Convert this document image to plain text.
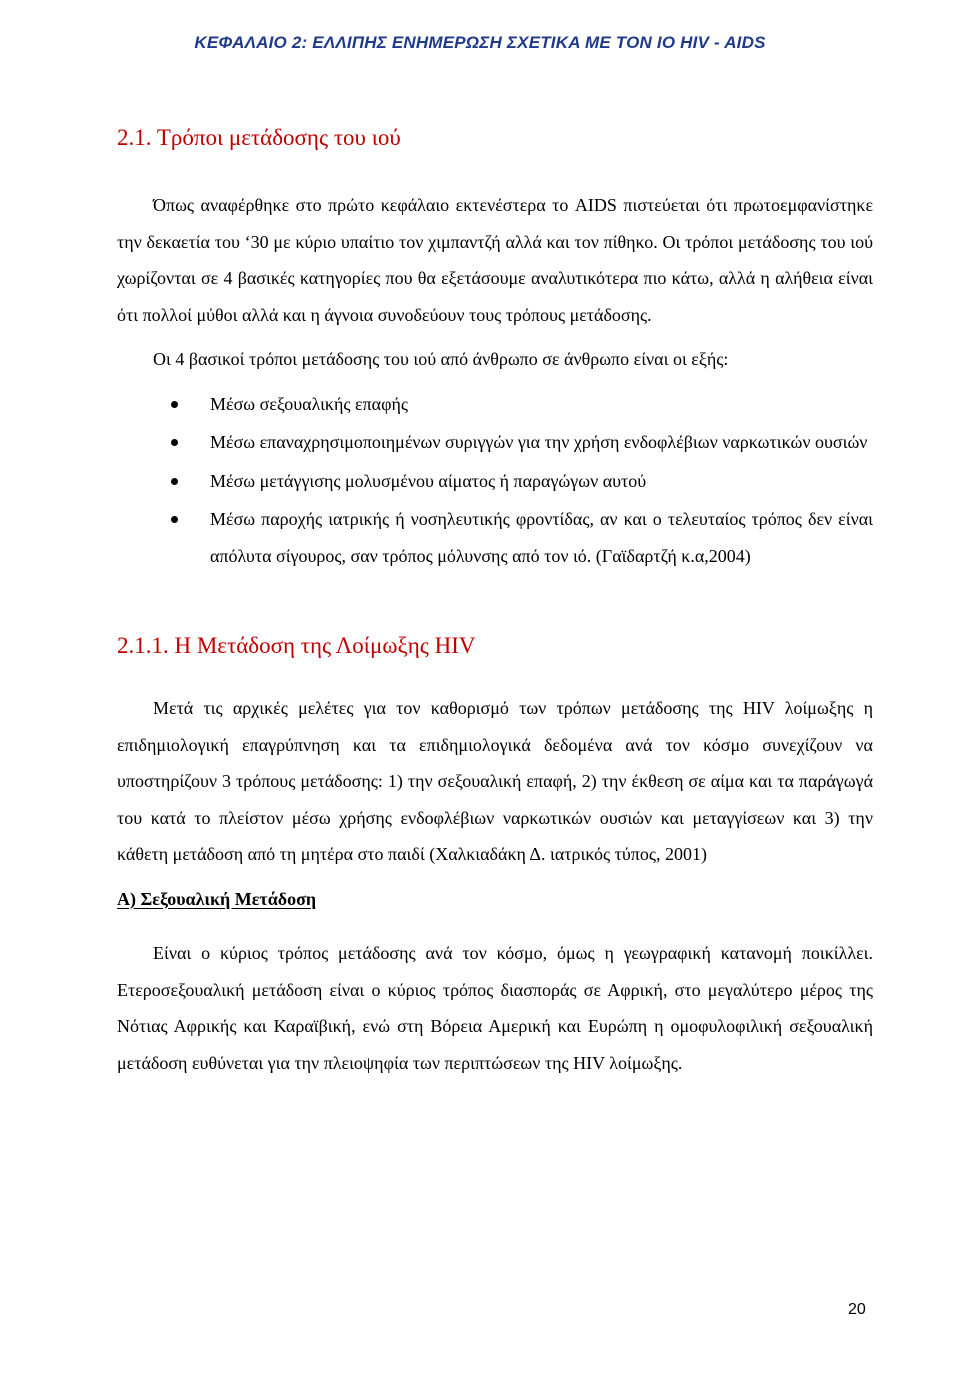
ΚΕΦΑΛΑΙΟ 2: ΕΛΛΙΠΗΣ ΕΝΗΜΕΡΩΣΗ ΣΧΕΤΙΚΑ ΜΕ ΤΟΝ ΙΟ HIV - AIDS
2.1. Τρόποι μετάδοσης του ιού

Όπως αναφέρθηκε στο πρώτο κεφάλαιο εκτενέστερα το AIDS πιστεύεται ότι πρωτοεμφανίστηκε την δεκαετία του ‘30 με κύριο υπαίτιο τον χιμπαντζή αλλά και τον πίθηκο. Οι τρόποι μετάδοσης του ιού χωρίζονται σε 4 βασικές κατηγορίες που θα εξετάσουμε αναλυτικότερα πιο κάτω, αλλά η αλήθεια είναι ότι πολλοί μύθοι αλλά και η άγνοια συνοδεύουν τους τρόπους μετάδοσης.

Οι 4 βασικοί τρόποι μετάδοσης του ιού από άνθρωπο σε άνθρωπο είναι οι εξής:

Μέσω σεξουαλικής επαφής
Μέσω επαναχρησιμοποιημένων συριγγών για την χρήση ενδοφλέβιων ναρκωτικών ουσιών
Μέσω μετάγγισης μολυσμένου αίματος ή παραγώγων αυτού
Μέσω παροχής ιατρικής ή νοσηλευτικής φροντίδας, αν και ο τελευταίος τρόπος δεν είναι απόλυτα σίγουρος, σαν τρόπος μόλυνσης από τον ιό. (Γαϊδαρτζή κ.α,2004)
2.1.1. Η Μετάδοση της Λοίμωξης HIV

Μετά τις αρχικές μελέτες για τον καθορισμό των τρόπων μετάδοσης της HIV λοίμωξης η επιδημιολογική επαγρύπνηση και τα επιδημιολογικά δεδομένα ανά τον κόσμο συνεχίζουν να υποστηρίζουν 3 τρόπους μετάδοσης: 1) την σεξουαλική επαφή, 2) την έκθεση σε αίμα και τα παράγωγά του κατά το πλείστον μέσω χρήσης ενδοφλέβιων ναρκωτικών ουσιών και μεταγγίσεων και 3) την κάθετη μετάδοση από τη μητέρα στο παιδί (Χαλκιαδάκη Δ. ιατρικός τύπος, 2001)

Α) Σεξουαλική Μετάδοση

Είναι ο κύριος τρόπος μετάδοσης ανά τον κόσμο, όμως η γεωγραφική κατανομή ποικίλλει. Ετεροσεξουαλική μετάδοση είναι ο κύριος τρόπος διασποράς σε Αφρική, στο μεγαλύτερο μέρος της Νότιας Αφρικής και Καραϊβική, ενώ στη Βόρεια Αμερική και Ευρώπη η ομοφυλοφιλική σεξουαλική μετάδοση ευθύνεται για την πλειοψηφία των περιπτώσεων της HIV λοίμωξης.

20
